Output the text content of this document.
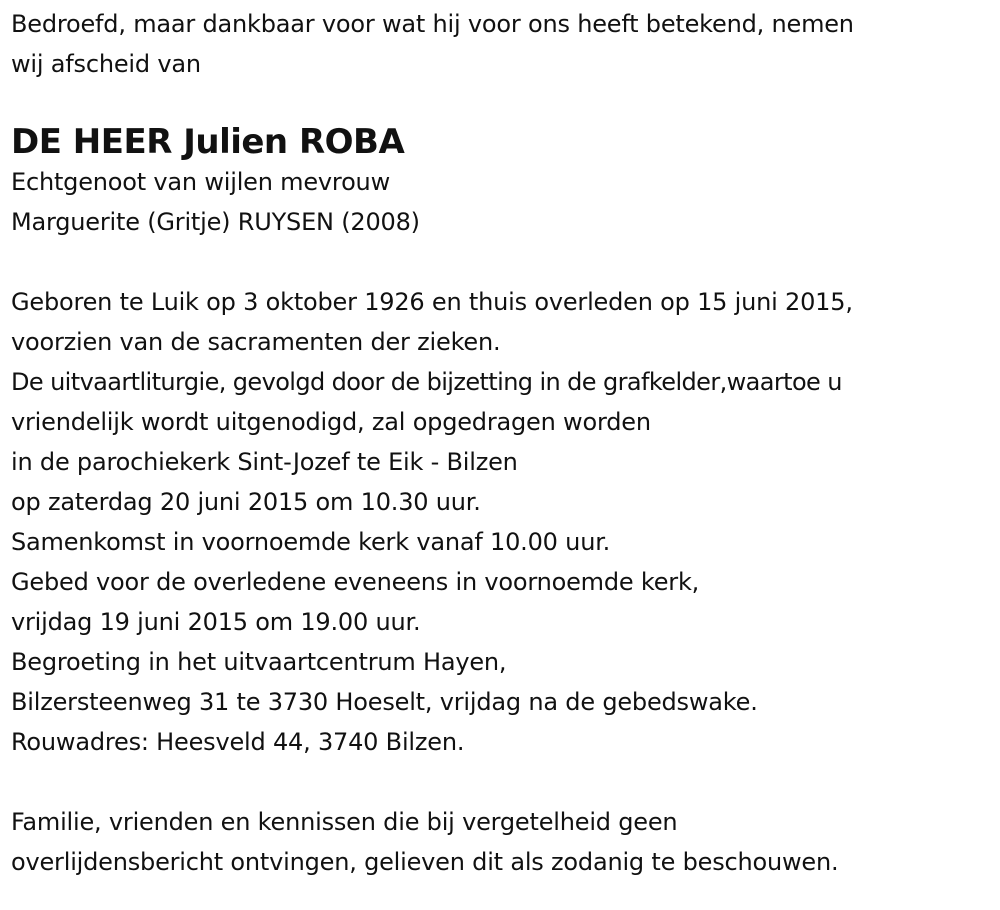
Bedroefd, maar dankbaar voor wat hij voor ons heeft betekend, nemen
wij afscheid van
DE HEER Julien ROBA
Echtgenoot van wijlen mevrouw
Marguerite (Gritje) RUYSEN (2008)
Geboren te Luik op 3 oktober 1926 en thuis overleden op 15 juni 2015,
voorzien van de sacramenten der zieken.
De uitvaartliturgie, gevolgd door de bijzetting in de grafkelder,waartoe u
vriendelijk wordt uitgenodigd, zal opgedragen worden
in de parochiekerk Sint-Jozef te Eik - Bilzen
op zaterdag 20 juni 2015 om 10.30 uur.
Samenkomst in voornoemde kerk vanaf 10.00 uur.
Gebed voor de overledene eveneens in voornoemde kerk,
vrijdag 19 juni 2015 om 19.00 uur.
Begroeting in het uitvaartcentrum Hayen,
Bilzersteenweg 31 te 3730 Hoeselt, vrijdag na de gebedswake.
Rouwadres: Heesveld 44, 3740 Bilzen.
Familie, vrienden en kennissen die bij vergetelheid geen
overlijdensbericht ontvingen, gelieven dit als zodanig te beschouwen.
